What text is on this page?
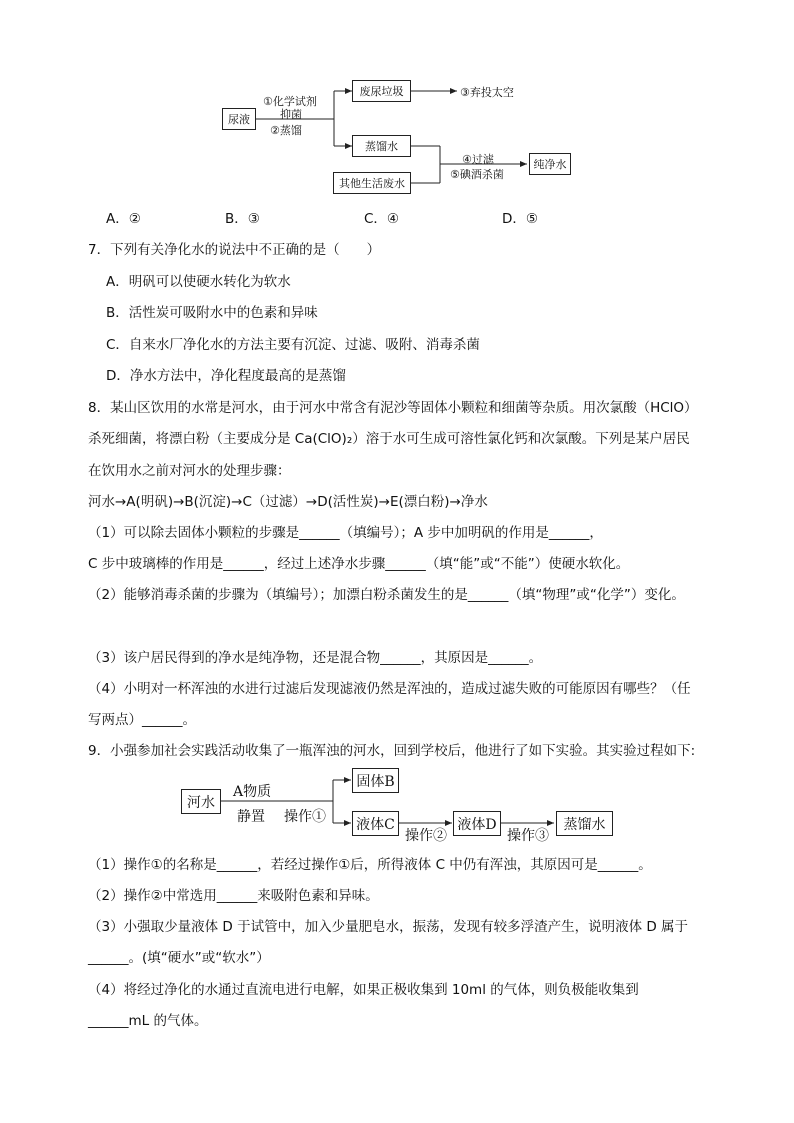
尿液
①化学试剂
抑菌
②蒸馏
废尿垃圾	③弃投太空
蒸馏水
其他生活废水
④过滤
⑤碘酒杀菌
纯净水
A．②	B．③	C．④	D．⑤
7．下列有关净化水的说法中不正确的是（　　）
A．明矾可以使硬水转化为软水
B．活性炭可吸附水中的色素和异味
C．自来水厂净化水的方法主要有沉淀、过滤、吸附、消毒杀菌
D．净水方法中，净化程度最高的是蒸馏
8．某山区饮用的水常是河水，由于河水中常含有泥沙等固体小颗粒和细菌等杂质。用次氯酸（HClO）
杀死细菌，将漂白粉（主要成分是 Ca(ClO)₂）溶于水可生成可溶性氯化钙和次氯酸。下列是某户居民
在饮用水之前对河水的处理步骤：
河水→A(明矾)→B(沉淀)→C（过滤）→D(活性炭)→E(漂白粉)→净水
（1）可以除去固体小颗粒的步骤是______（填编号）；A 步中加明矾的作用是______，
C 步中玻璃棒的作用是______，经过上述净水步骤______（填“能”或“不能”）使硬水软化。
（2）能够消毒杀菌的步骤为（填编号）；加漂白粉杀菌发生的是______（填“物理”或“化学”）变化。
（3）该户居民得到的净水是纯净物，还是混合物______，其原因是______。
（4）小明对一杯浑浊的水进行过滤后发现滤液仍然是浑浊的，造成过滤失败的可能原因有哪些？（任
写两点）______。
9．小强参加社会实践活动收集了一瓶浑浊的河水，回到学校后，他进行了如下实验。其实验过程如下:
河水
A物质
静置 操作①
固体B
液体C
操作②
液体D
操作③
蒸馏水
（1）操作①的名称是______，若经过操作①后，所得液体 C 中仍有浑浊，其原因可是______。
（2）操作②中常选用______来吸附色素和异味。
（3）小强取少量液体 D 于试管中，加入少量肥皂水，振荡，发现有较多浮渣产生，说明液体 D 属于
______。(填“硬水”或“软水”）
（4）将经过净化的水通过直流电进行电解，如果正极收集到 10ml 的气体，则负极能收集到
______mL 的气体。
